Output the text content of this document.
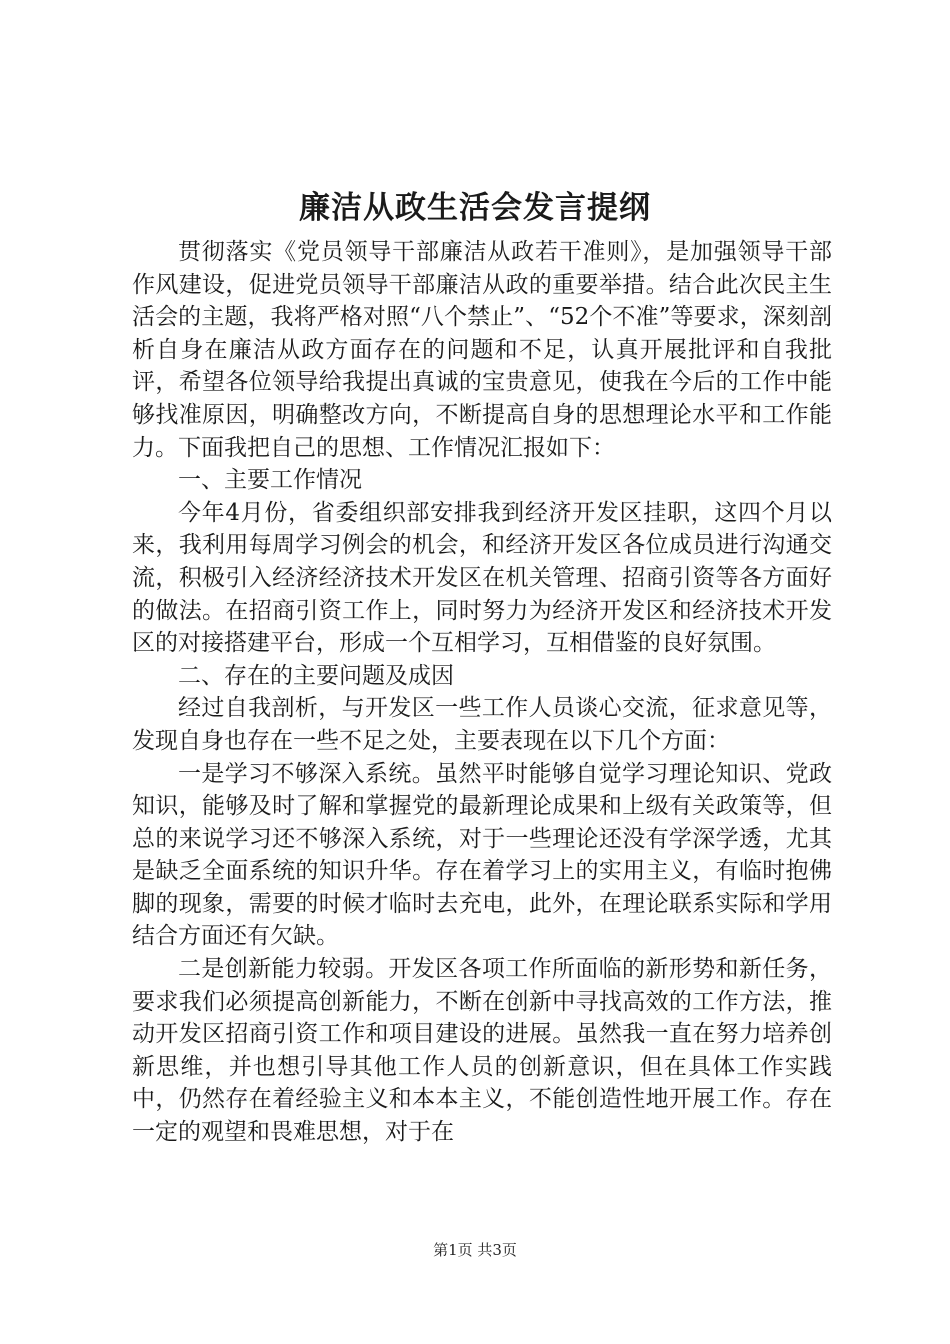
廉洁从政生活会发言提纲

贯彻落实《党员领导干部廉洁从政若干准则》，是加强领导干部作风建设，促进党员领导干部廉洁从政的重要举措。结合此次民主生活会的主题，我将严格对照“八个禁止”、“52个不准”等要求，深刻剖析自身在廉洁从政方面存在的问题和不足，认真开展批评和自我批评，希望各位领导给我提出真诚的宝贵意见，使我在今后的工作中能够找准原因，明确整改方向，不断提高自身的思想理论水平和工作能力。下面我把自己的思想、工作情况汇报如下：

一、主要工作情况

今年4月份，省委组织部安排我到经济开发区挂职，这四个月以来，我利用每周学习例会的机会，和经济开发区各位成员进行沟通交流，积极引入经济经济技术开发区在机关管理、招商引资等各方面好的做法。在招商引资工作上，同时努力为经济开发区和经济技术开发区的对接搭建平台，形成一个互相学习，互相借鉴的良好氛围。

二、存在的主要问题及成因

经过自我剖析，与开发区一些工作人员谈心交流，征求意见等，发现自身也存在一些不足之处，主要表现在以下几个方面：

一是学习不够深入系统。虽然平时能够自觉学习理论知识、党政知识，能够及时了解和掌握党的最新理论成果和上级有关政策等，但总的来说学习还不够深入系统，对于一些理论还没有学深学透，尤其是缺乏全面系统的知识升华。存在着学习上的实用主义，有临时抱佛脚的现象，需要的时候才临时去充电，此外，在理论联系实际和学用结合方面还有欠缺。

二是创新能力较弱。开发区各项工作所面临的新形势和新任务，要求我们必须提高创新能力，不断在创新中寻找高效的工作方法，推动开发区招商引资工作和项目建设的进展。虽然我一直在努力培养创新思维，并也想引导其他工作人员的创新意识，但在具体工作实践中，仍然存在着经验主义和本本主义，不能创造性地开展工作。存在一定的观望和畏难思想，对于在

第1页 共3页
